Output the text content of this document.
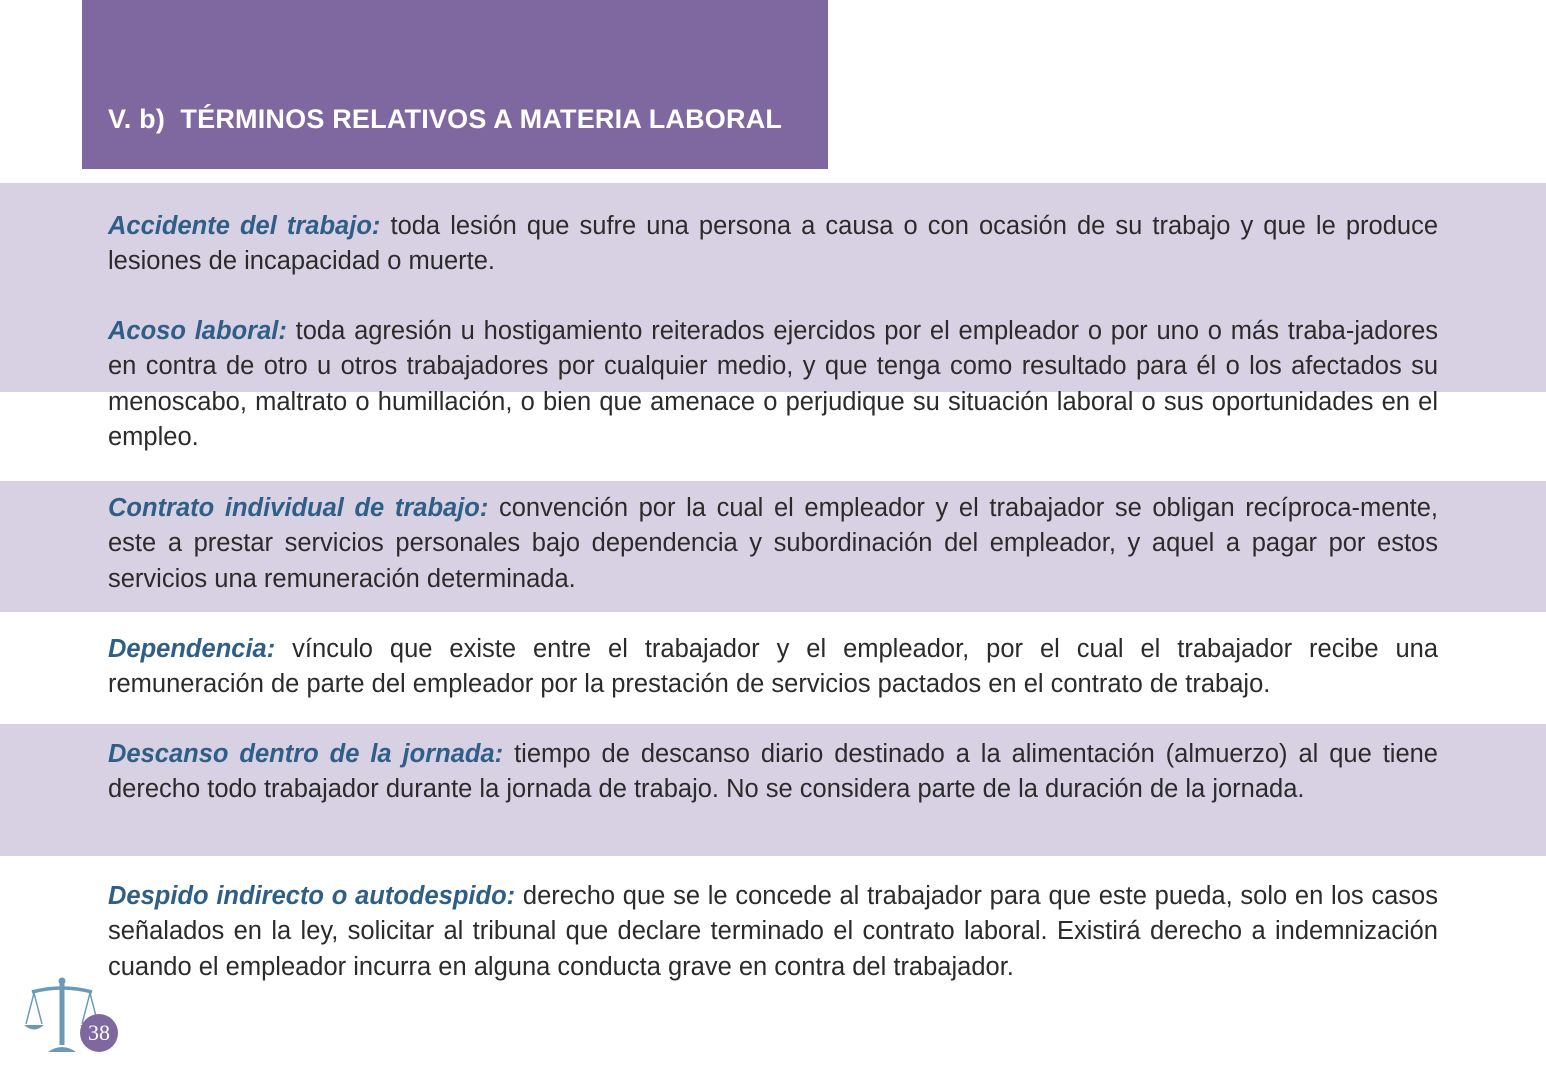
V. b)  TÉRMINOS RELATIVOS A MATERIA LABORAL

Accidente del trabajo: toda lesión que sufre una persona a causa o con ocasión de su trabajo y que le produce lesiones de incapacidad o muerte.

Acoso laboral: toda agresión u hostigamiento reiterados ejercidos por el empleador o por uno o más traba-jadores en contra de otro u otros trabajadores por cualquier medio, y que tenga como resultado para él o los afectados su menoscabo, maltrato o humillación, o bien que amenace o perjudique su situación laboral o sus oportunidades en el empleo.

Contrato individual de trabajo: convención por la cual el empleador y el trabajador se obligan recíproca-mente, este a prestar servicios personales bajo dependencia y subordinación del empleador, y aquel a pagar por estos servicios una remuneración determinada.

Dependencia: vínculo que existe entre el trabajador y el empleador, por el cual el trabajador recibe una remuneración de parte del empleador por la prestación de servicios pactados en el contrato de trabajo.

Descanso dentro de la jornada: tiempo de descanso diario destinado a la alimentación (almuerzo) al que tiene derecho todo trabajador durante la jornada de trabajo. No se considera parte de la duración de la jornada.

Despido indirecto o autodespido: derecho que se le concede al trabajador para que este pueda, solo en los casos señalados en la ley, solicitar al tribunal que declare terminado el contrato laboral. Existirá derecho a indemnización cuando el empleador incurra en alguna conducta grave en contra del trabajador.

38
